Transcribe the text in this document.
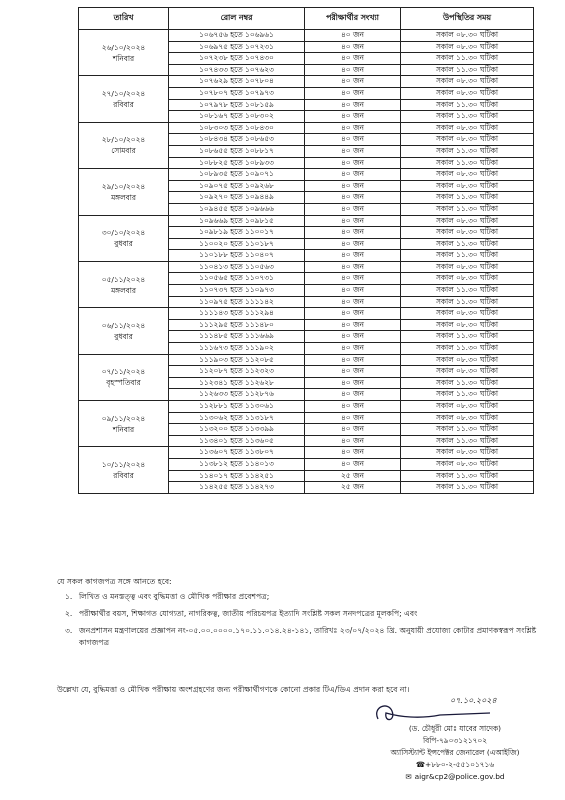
তারিখ	রোল নম্বর	পরীক্ষার্থীর সংখ্যা	উপস্থিতির সময়

২৬/১০/২০২৪
শনিবার	১০৬৭৫৬ হতে ১০৬৯৬১	৪০ জন	সকাল ০৮.৩০ ঘটিকা
	১০৬৯৭৫ হতে ১০৭২৩১	৪০ জন	সকাল ০৮.৩০ ঘটিকা
	১০৭২৩৮ হতে ১০৭৪৩০	৪০ জন	সকাল ১১.৩০ ঘটিকা
	১০৭৪৩৩ হতে ১০৭৬২৩	৪০ জন	সকাল ১১.৩০ ঘটিকা

২৭/১০/২০২৪
রবিবার	১০৭৬২৯ হতে ১০৭৮০৪	৪০ জন	সকাল ০৮.৩০ ঘটিকা
	১০৭৮০৭ হতে ১০৭৯৭৩	৪০ জন	সকাল ০৮.৩০ ঘটিকা
	১০৭৯৭৮ হতে ১০৮১৫৯	৪০ জন	সকাল ১১.৩০ ঘটিকা
	১০৮১৬৭ হতে ১০৮৩০২	৪০ জন	সকাল ১১.৩০ ঘটিকা

২৮/১০/২০২৪
সোমবার	১০৮৩০৩ হতে ১০৮৪৩০	৪০ জন	সকাল ০৮.৩০ ঘটিকা
	১০৮৪৩৪ হতে ১০৮৬৫৩	৪০ জন	সকাল ০৮.৩০ ঘটিকা
	১০৮৬৫৫ হতে ১০৮৮১৭	৪০ জন	সকাল ১১.৩০ ঘটিকা
	১০৮৮২৫ হতে ১০৮৯৩৩	৪০ জন	সকাল ১১.৩০ ঘটিকা

২৯/১০/২০২৪
মঙ্গলবার	১০৮৯৩৫ হতে ১০৯০৭১	৪০ জন	সকাল ০৮.৩০ ঘটিকা
	১০৯০৭৫ হতে ১০৯২৬৮	৪০ জন	সকাল ০৮.৩০ ঘটিকা
	১০৯২৭০ হতে ১০৯৪৪৯	৪০ জন	সকাল ১১.৩০ ঘটিকা
	১০৯৪৫৫ হতে ১০৯৬৬৬	৪০ জন	সকাল ১১.৩০ ঘটিকা

৩০/১০/২০২৪
বুধবার	১০৯৬৬৯ হতে ১০৯৮১৫	৪০ জন	সকাল ০৮.৩০ ঘটিকা
	১০৯৮১৯ হতে ১১০০১৭	৪০ জন	সকাল ০৮.৩০ ঘটিকা
	১১০০২০ হতে ১১০১৮৭	৪০ জন	সকাল ১১.৩০ ঘটিকা
	১১০১৮৮ হতে ১১০৪০৭	৪০ জন	সকাল ১১.৩০ ঘটিকা

০৫/১১/২০২৪
মঙ্গলবার	১১০৪১৩ হতে ১১০৫৬৩	৪০ জন	সকাল ০৮.৩০ ঘটিকা
	১১০৫৬৫ হতে ১১০৭৩১	৪০ জন	সকাল ০৮.৩০ ঘটিকা
	১১০৭৩৭ হতে ১১০৯৭৩	৪০ জন	সকাল ১১.৩০ ঘটিকা
	১১০৯৭৫ হতে ১১১১৪২	৪০ জন	সকাল ১১.৩০ ঘটিকা

০৬/১১/২০২৪
বুধবার	১১১১৪৩ হতে ১১১২৯৪	৪০ জন	সকাল ০৮.৩০ ঘটিকা
	১১১২৯৫ হতে ১১১৪৮০	৪০ জন	সকাল ০৮.৩০ ঘটিকা
	১১১৪৮৫ হতে ১১১৬৬৯	৪০ জন	সকাল ১১.৩০ ঘটিকা
	১১১৬৭৩ হতে ১১১৯০২	৪০ জন	সকাল ১১.৩০ ঘটিকা

০৭/১১/২০২৪
বৃহস্পতিবার	১১১৯০৩ হতে ১১২০৮৫	৪০ জন	সকাল ০৮.৩০ ঘটিকা
	১১২০৮৭ হতে ১১২৩২৩	৪০ জন	সকাল ০৮.৩০ ঘটিকা
	১১২৩৪১ হতে ১১২৬২৮	৪০ জন	সকাল ১১.৩০ ঘটিকা
	১১২৬৩৩ হতে ১১২৮৭৬	৪০ জন	সকাল ১১.৩০ ঘটিকা

০৯/১১/২০২৪
শনিবার	১১২৮৮১ হতে ১১৩০৬১	৪০ জন	সকাল ০৮.৩০ ঘটিকা
	১১৩০৬২ হতে ১১৩১৮৭	৪০ জন	সকাল ০৮.৩০ ঘটিকা
	১১৩২০০ হতে ১১৩৩৯৯	৪০ জন	সকাল ১১.৩০ ঘটিকা
	১১৩৪০১ হতে ১১৩৬০৫	৪০ জন	সকাল ১১.৩০ ঘটিকা

১০/১১/২০২৪
রবিবার	১১৩৬০৭ হতে ১১৩৮০৭	৪০ জন	সকাল ০৮.৩০ ঘটিকা
	১১৩৮১২ হতে ১১৪০১৩	৪০ জন	সকাল ০৮.৩০ ঘটিকা
	১১৪০১৭ হতে ১১৪২৫১	২৫ জন	সকাল ১১.৩০ ঘটিকা
	১১৪২৫৫ হতে ১১৪২৭৩	২৫ জন	সকাল ১১.৩০ ঘটিকা
যে সকল কাগজপত্র সঙ্গে আনতে হবে:
১. লিখিত ও মনস্তত্ত্ব এবং বুদ্ধিমত্তা ও মৌখিক পরীক্ষার প্রবেশপত্র;
২. পরীক্ষার্থীর বয়স, শিক্ষাগত যোগ্যতা, নাগরিকত্ব, জাতীয় পরিচয়পত্র ইত্যাদি সংশ্লিষ্ট সকল সনদপত্রের মূলকপি; এবং
৩. জনপ্রশাসন মন্ত্রণালয়ের প্রজ্ঞাপন নং-০৫.০০.০০০০.১৭০.১১.০১৪.২৪-১৪১, তারিখঃ ২৩/০৭/২০২৪ খ্রি. অনুযায়ী প্রযোজ্য কোটার প্রমাণকস্বরূপ সংশ্লিষ্ট কাগজপত্র
উল্লেখ্য যে, বুদ্ধিমত্তা ও মৌখিক পরীক্ষায় অংশগ্রহণের জন্য পরীক্ষার্থীগণকে কোনো প্রকার টিএ/ডিএ প্রদান করা হবে না।
০৭.১০.২০২৪
(ড. চৌধুরী মোঃ যাবের সাদেক)
বিপি-৭৯০৩১২১৭০২
অ্যাসিস্ট্যান্ট ইন্সপেক্টর জেনারেল (এআইজি)
☎+৮৮০-২-৫৫১০১৭১৬
✉ aigr&cp2@police.gov.bd
